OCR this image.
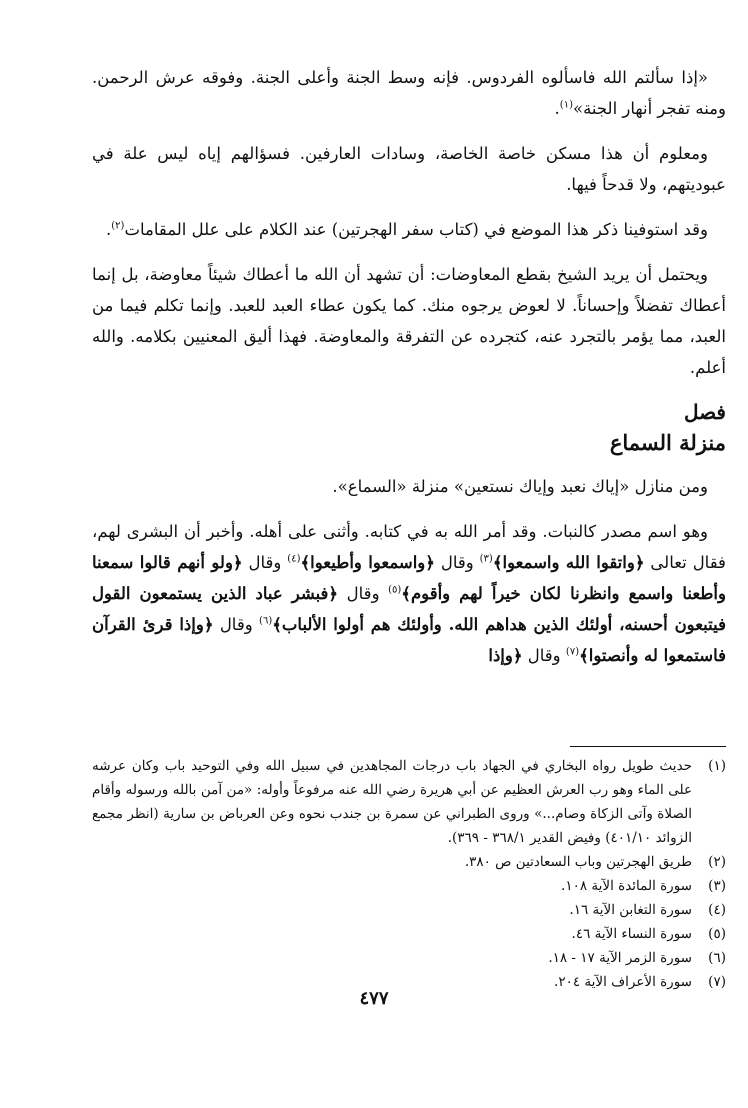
«إذا سألتم الله فاسألوه الفردوس. فإنه وسط الجنة وأعلى الجنة. وفوقه عرش الرحمن. ومنه تفجر أنهار الجنة»$^{(١)}$.

ومعلوم أن هذا مسكن خاصة الخاصة، وسادات العارفين. فسؤالهم إياه ليس علة في عبوديتهم، ولا قدحاً فيها.

وقد استوفينا ذكر هذا الموضع في (كتاب سفر الهجرتين) عند الكلام على علل المقامات$^{(٢)}$.

ويحتمل أن يريد الشيخ بقطع المعاوضات: أن تشهد أن الله ما أعطاك شيئاً معاوضة، بل إنما أعطاك تفضلاً وإحساناً. لا لعوض يرجوه منك. كما يكون عطاء العبد للعبد. وإنما تكلم فيما من العبد، مما يؤمر بالتجرد عنه، كتجرده عن التفرقة والمعاوضة. فهذا أليق المعنيين بكلامه. والله أعلم.

فصل
منزلة السماع

ومن منازل «إياك نعبد وإياك نستعين» منزلة «السماع».

وهو اسم مصدر كالنبات. وقد أمر الله به في كتابه. وأثنى على أهله. وأخبر أن البشرى لهم، فقال تعالى ﴿واتقوا الله واسمعوا﴾$^{(٣)}$ وقال ﴿واسمعوا وأطيعوا﴾$^{(٤)}$ وقال ﴿ولو أنهم قالوا سمعنا وأطعنا واسمع وانظرنا لكان خيراً لهم وأقوم﴾$^{(٥)}$ وقال ﴿فبشر عباد الذين يستمعون القول فيتبعون أحسنه، أولئك الذين هداهم الله. وأولئك هم أولوا الألباب﴾$^{(٦)}$ وقال ﴿وإذا قرئ القرآن فاستمعوا له وأنصتوا﴾$^{(٧)}$ وقال ﴿وإذا

(١)
حديث طويل رواه البخاري في الجهاد باب درجات المجاهدين في سبيل الله وفي التوحيد باب وكان عرشه على الماء وهو رب العرش العظيم عن أبي هريرة رضي الله عنه مرفوعاً وأوله: «من آمن بالله ورسوله وأقام الصلاة وآتى الزكاة وصام...» وروى الطبراني عن سمرة بن جندب نحوه وعن العرباض بن سارية (انظر مجمع الزوائد ٤٠١/١٠) وفيض القدير ٣٦٨/١ - ٣٦٩).
(٢)
طريق الهجرتين وباب السعادتين ص ٣٨٠.
(٣)
سورة المائدة الآية ١٠٨.
(٤)
سورة التغابن الآية ١٦.
(٥)
سورة النساء الآية ٤٦.
(٦)
سورة الزمر الآية ١٧ - ١٨.
(٧)
سورة الأعراف الآية ٢٠٤.
٤٧٧
